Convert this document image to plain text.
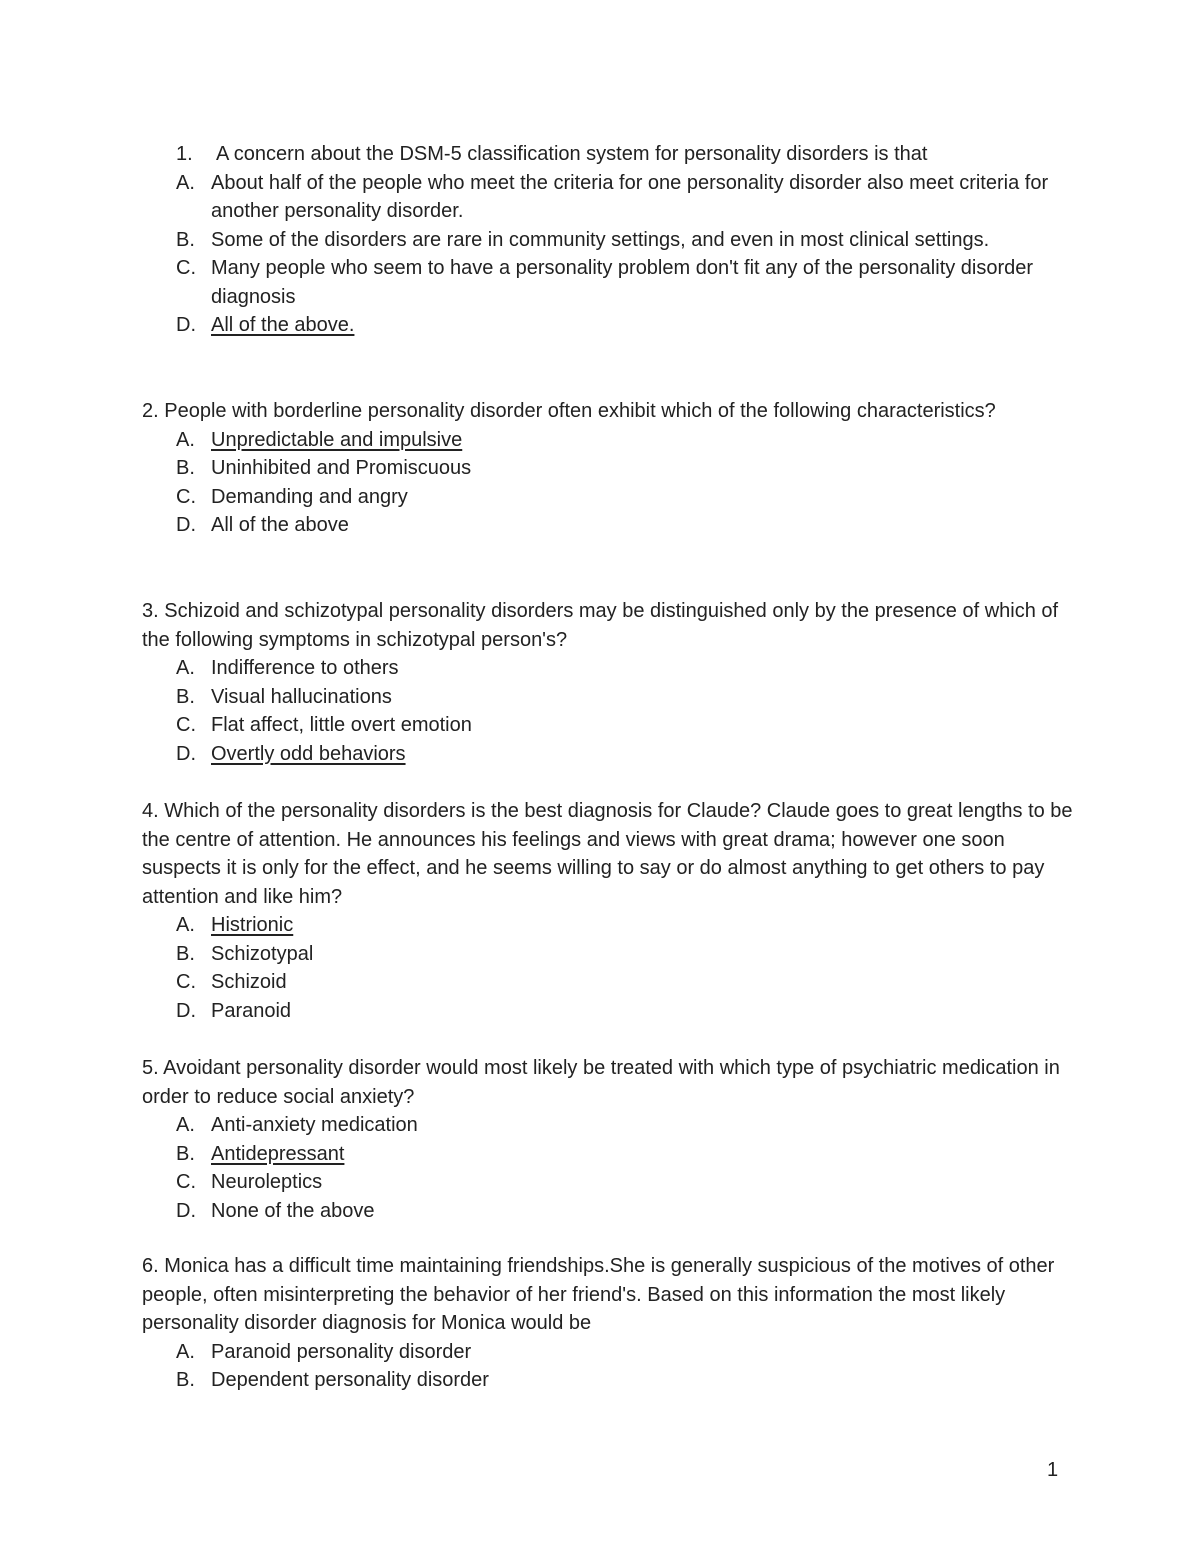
1. A concern about the DSM-5 classification system for personality disorders is that
A. About half of the people who meet the criteria for one personality disorder also meet criteria for another personality disorder.
B. Some of the disorders are rare in community settings, and even in most clinical settings.
C. Many people who seem to have a personality problem don't fit any of the personality disorder diagnosis
D. All of the above.

2. People with borderline personality disorder often exhibit which of the following characteristics?

A. Unpredictable and impulsive
B. Uninhibited and Promiscuous
C. Demanding and angry
D. All of the above

3. Schizoid and schizotypal personality disorders may be distinguished only by the presence of which of the following symptoms in schizotypal person's?

A. Indifference to others
B. Visual hallucinations
C. Flat affect, little overt emotion
D. Overtly odd behaviors

4. Which of the personality disorders is the best diagnosis for Claude? Claude goes to great lengths to be the centre of attention. He announces his feelings and views with great drama; however one soon suspects it is only for the effect, and he seems willing to say or do almost anything to get others to pay attention and like him?

A. Histrionic
B. Schizotypal
C. Schizoid
D. Paranoid

5. Avoidant personality disorder would most likely be treated with which type of psychiatric medication in order to reduce social anxiety?

A. Anti-anxiety medication
B. Antidepressant
C. Neuroleptics
D. None of the above

6. Monica has a difficult time maintaining friendships.She is generally suspicious of the motives of other people, often misinterpreting the behavior of her friend's. Based on this information the most likely personality disorder diagnosis for Monica would be

A. Paranoid personality disorder
B. Dependent personality disorder
1
